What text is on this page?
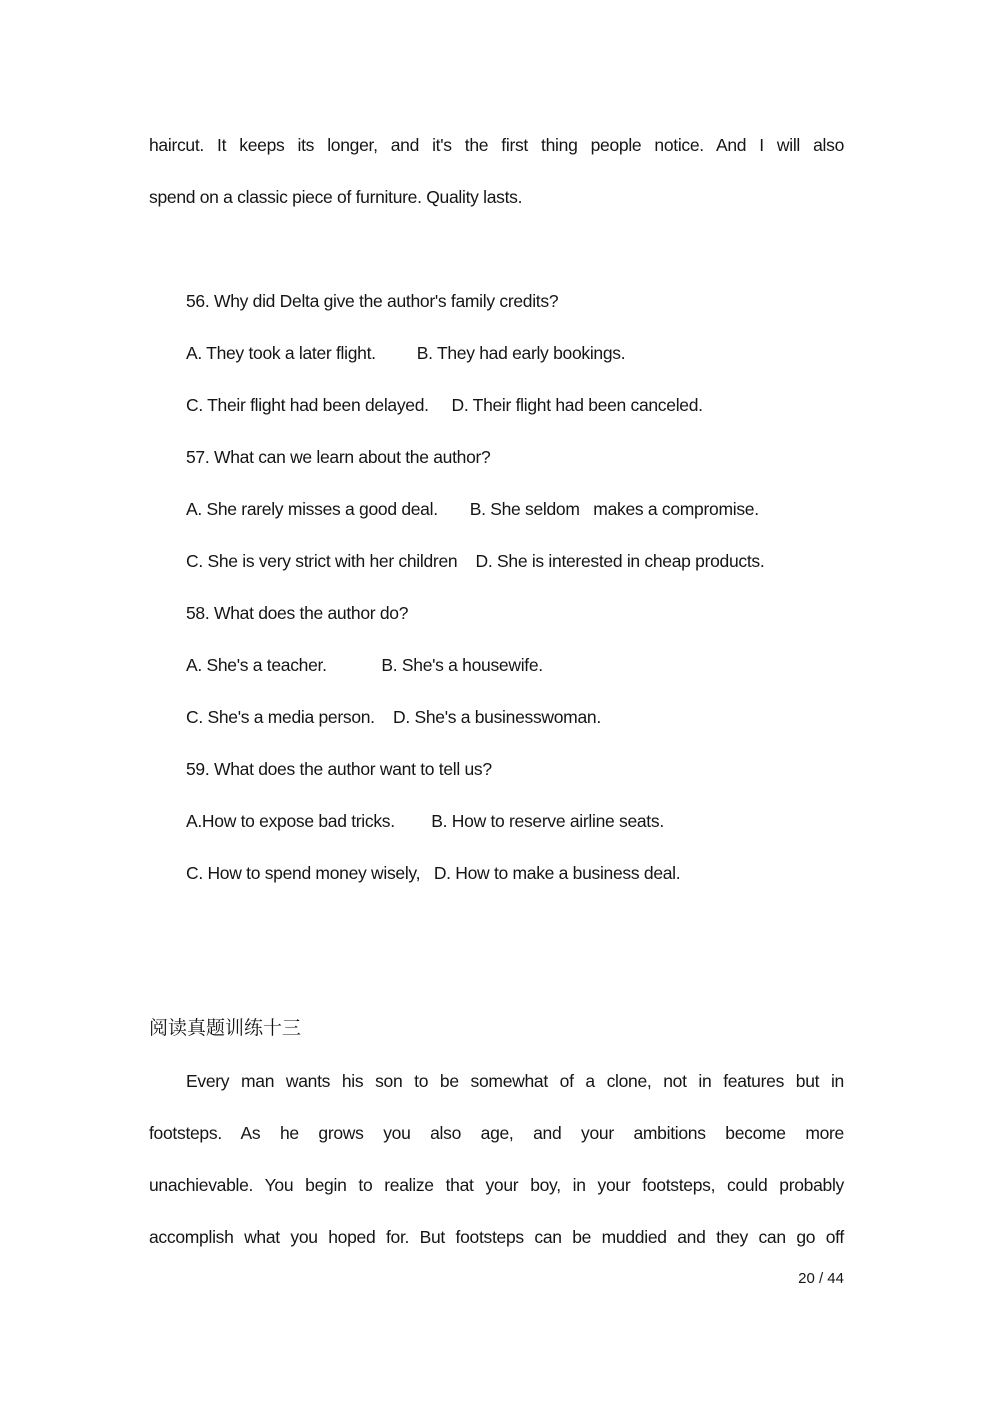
haircut. It keeps its longer, and it's the first thing people notice. And I will also
spend on a classic piece of furniture. Quality lasts.
56. Why did Delta give the author's family credits?
A. They took a later flight.         B. They had early bookings.
C. Their flight had been delayed.     D. Their flight had been canceled.
57. What can we learn about the author?
A. She rarely misses a good deal.       B. She seldom   makes a compromise.
C. She is very strict with her children    D. She is interested in cheap products.
58. What does the author do?
A. She's a teacher.            B. She's a housewife.
C. She's a media person.    D. She's a businesswoman.
59. What does the author want to tell us?
A.How to expose bad tricks.        B. How to reserve airline seats.
C. How to spend money wisely,   D. How to make a business deal.
阅读真题训练十三
Every man wants his son to be somewhat of a clone, not in features but in
footsteps. As he grows you also age, and your ambitions become more
unachievable. You begin to realize that your boy, in your footsteps, could probably
accomplish what you hoped for. But footsteps can be muddied and they can go off
20 / 44
